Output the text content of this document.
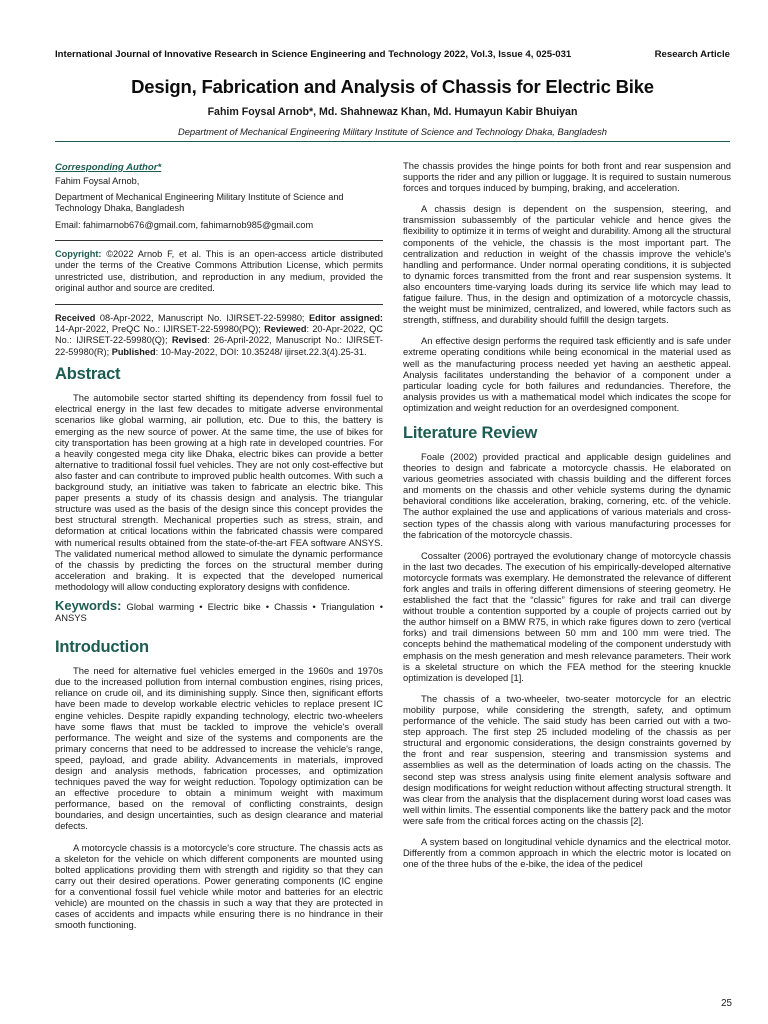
International Journal of Innovative Research in Science Engineering and Technology 2022, Vol.3, Issue 4, 025-031	Research Article
Design, Fabrication and Analysis of Chassis for Electric Bike
Fahim Foysal Arnob*, Md. Shahnewaz Khan, Md. Humayun Kabir Bhuiyan
Department of Mechanical Engineering Military Institute of Science and Technology Dhaka, Bangladesh
Corresponding Author*
Fahim Foysal Arnob,
Department of Mechanical Engineering Military Institute of Science and Technology Dhaka, Bangladesh
Email: fahimarnob676@gmail.com, fahimarnob985@gmail.com

Copyright: ©2022 Arnob F, et al. This is an open-access article distributed under the terms of the Creative Commons Attribution License, which permits unrestricted use, distribution, and reproduction in any medium, provided the original author and source are credited.

Received 08-Apr-2022, Manuscript No. IJIRSET-22-59980; Editor assigned: 14-Apr-2022, PreQC No.: IJIRSET-22-59980(PQ); Reviewed: 20-Apr-2022, QC No.: IJIRSET-22-59980(Q); Revised: 26-April-2022, Manuscript No.: IJIRSET-22-59980(R); Published: 10-May-2022, DOI: 10.35248/ ijirset.22.3(4).25-31.

Abstract

The automobile sector started shifting its dependency from fossil fuel to electrical energy in the last few decades to mitigate adverse environmental scenarios like global warming, air pollution, etc. Due to this, the battery is emerging as the new source of power. At the same time, the use of bikes for city transportation has been growing at a high rate in developed countries. For a heavily congested mega city like Dhaka, electric bikes can provide a better alternative to traditional fossil fuel vehicles. They are not only cost-effective but also faster and can contribute to improved public health outcomes. With such a background study, an initiative was taken to fabricate an electric bike. This paper presents a study of its chassis design and analysis. The triangular structure was used as the basis of the design since this concept provides the best structural strength. Mechanical properties such as stress, strain, and deformation at critical locations within the fabricated chassis were compared with numerical results obtained from the state-of-the-art FEA software ANSYS. The validated numerical method allowed to simulate the dynamic performance of the chassis by predicting the forces on the structural member during acceleration and braking. It is expected that the developed numerical methodology will allow conducting exploratory designs with confidence.

Keywords: Global warming • Electric bike • Chassis • Triangulation • ANSYS

Introduction

The need for alternative fuel vehicles emerged in the 1960s and 1970s due to the increased pollution from internal combustion engines, rising prices, reliance on crude oil, and its diminishing supply. Since then, significant efforts have been made to develop workable electric vehicles to replace present IC engine vehicles. Despite rapidly expanding technology, electric two-wheelers have some flaws that must be tackled to improve the vehicle's overall performance. The weight and size of the systems and components are the primary concerns that need to be addressed to increase the vehicle's range, speed, payload, and grade ability. Advancements in materials, improved design and analysis methods, fabrication processes, and optimization techniques paved the way for weight reduction. Topology optimization can be an effective procedure to obtain a minimum weight with maximum performance, based on the removal of conflicting constraints, design boundaries, and design uncertainties, such as design clearance and material defects.

A motorcycle chassis is a motorcycle's core structure. The chassis acts as a skeleton for the vehicle on which different components are mounted using bolted applications providing them with strength and rigidity so that they can carry out their desired operations. Power generating components (IC engine for a conventional fossil fuel vehicle while motor and batteries for an electric vehicle) are mounted on the chassis in such a way that they are protected in cases of accidents and impacts while ensuring there is no hindrance in their smooth functioning.

The chassis provides the hinge points for both front and rear suspension and supports the rider and any pillion or luggage. It is required to sustain numerous forces and torques induced by bumping, braking, and acceleration.

A chassis design is dependent on the suspension, steering, and transmission subassembly of the particular vehicle and hence gives the flexibility to optimize it in terms of weight and durability. Among all the structural components of the vehicle, the chassis is the most important part. The centralization and reduction in weight of the chassis improve the vehicle's handling and performance. Under normal operating conditions, it is subjected to dynamic forces transmitted from the front and rear suspension systems. It also encounters time-varying loads during its service life which may lead to fatigue failure. Thus, in the design and optimization of a motorcycle chassis, the weight must be minimized, centralized, and lowered, while factors such as strength, stiffness, and durability should fulfill the design targets.

An effective design performs the required task efficiently and is safe under extreme operating conditions while being economical in the material used as well as the manufacturing process needed yet having an aesthetic appeal. Analysis facilitates understanding the behavior of a component under a particular loading cycle for both failures and redundancies. Therefore, the analysis provides us with a mathematical model which indicates the scope for optimization and weight reduction for an overdesigned component.

Literature Review

Foale (2002) provided practical and applicable design guidelines and theories to design and fabricate a motorcycle chassis. He elaborated on various geometries associated with chassis building and the different forces and moments on the chassis and other vehicle systems during the dynamic behavioral conditions like acceleration, braking, cornering, etc. of the vehicle. The author explained the use and applications of various materials and cross-section types of the chassis along with various manufacturing processes for the fabrication of the motorcycle chassis.

Cossalter (2006) portrayed the evolutionary change of motorcycle chassis in the last two decades. The execution of his empirically-developed alternative motorcycle formats was exemplary. He demonstrated the relevance of different fork angles and trails in offering different dimensions of steering geometry. He established the fact that the “classic” figures for rake and trail can diverge without trouble a contention supported by a couple of projects carried out by the author himself on a BMW R75, in which rake figures down to zero (vertical forks) and trail dimensions between 50 mm and 100 mm were tried. The concepts behind the mathematical modeling of the component understudy with emphasis on the mesh generation and mesh relevance parameters. Their work is a skeletal structure on which the FEA method for the steering knuckle optimization is developed [1].

The chassis of a two-wheeler, two-seater motorcycle for an electric mobility purpose, while considering the strength, safety, and optimum performance of the vehicle. The said study has been carried out with a two-step approach. The first step 25 included modeling of the chassis as per structural and ergonomic considerations, the design constraints governed by the front and rear suspension, steering and transmission systems and assemblies as well as the determination of loads acting on the chassis. The second step was stress analysis using finite element analysis software and design modifications for weight reduction without affecting structural strength. It was clear from the analysis that the displacement during worst load cases was well within limits. The essential components like the battery pack and the motor were safe from the critical forces acting on the chassis [2].

A system based on longitudinal vehicle dynamics and the electrical motor. Differently from a common approach in which the electric motor is located on one of the three hubs of the e-bike, the idea of the pedicel

25
